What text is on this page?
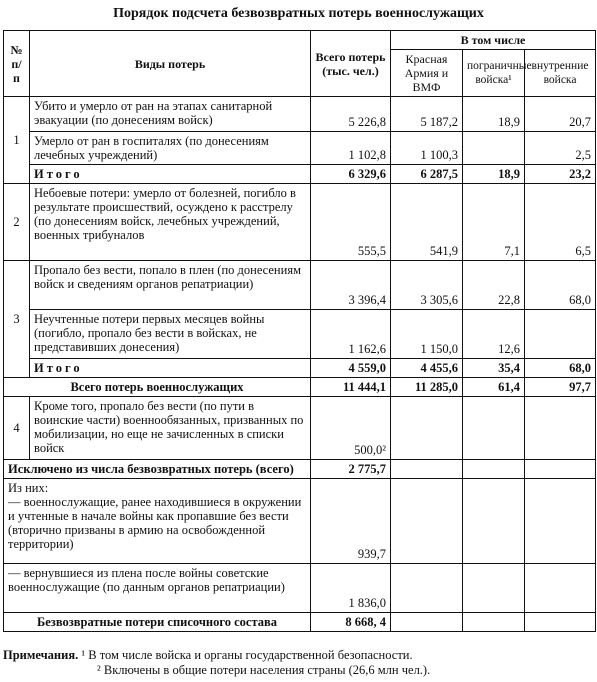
Порядок подсчета безвозвратных потерь военнослужащих
№ п/п	Виды потерь	Всего потерь (тыс. чел.)	В том числе		
			Красная Армия и ВМФ	пограничные войска¹	внутренние войска
1	Убито и умерло от ран на этапах санитарной эвакуации (по донесениям войск)	5 226,8	5 187,2	18,9	20,7
	Умерло от ран в госпиталях (по донесениям лечебных учреждений)	1 102,8	1 100,3		2,5
	Итого	6 329,6	6 287,5	18,9	23,2
2	Небоевые потери: умерло от болезней, погибло в результате происшествий, осуждено к расстрелу (по донесениям войск, лечебных учреждений, военных трибуналов	555,5	541,9	7,1	6,5
3	Пропало без вести, попало в плен (по донесениям войск и сведениям органов репатриации)	3 396,4	3 305,6	22,8	68,0
	Неучтенные потери первых месяцев войны (погибло, пропало без вести в войсках, не представивших донесения)	1 162,6	1 150,0	12,6	
	Итого	4 559,0	4 455,6	35,4	68,0
Всего потерь военнослужащих		11 444,1	11 285,0	61,4	97,7
4	Кроме того, пропало без вести (по пути в воинские части) военнообязанных, призванных по мобилизации, но еще не зачисленных в списки войск	500,0²			
Исключено из числа безвозвратных потерь (всего)		2 775,7			

Из них:
— военнослужащие, ранее находившиеся в окружении и учтенные в начале войны как пропавшие без вести (вторично призваны в армию на освобожденной территории)		939,7			
— вернувшиеся из плена после войны советские военнослужащие (по данным органов репатриации)		1 836,0			
Безвозвратные потери списочного состава		8 668, 4			
Примечания. ¹ В том числе войска и органы государственной безопасности.
² Включены в общие потери населения страны (26,6 млн чел.).
